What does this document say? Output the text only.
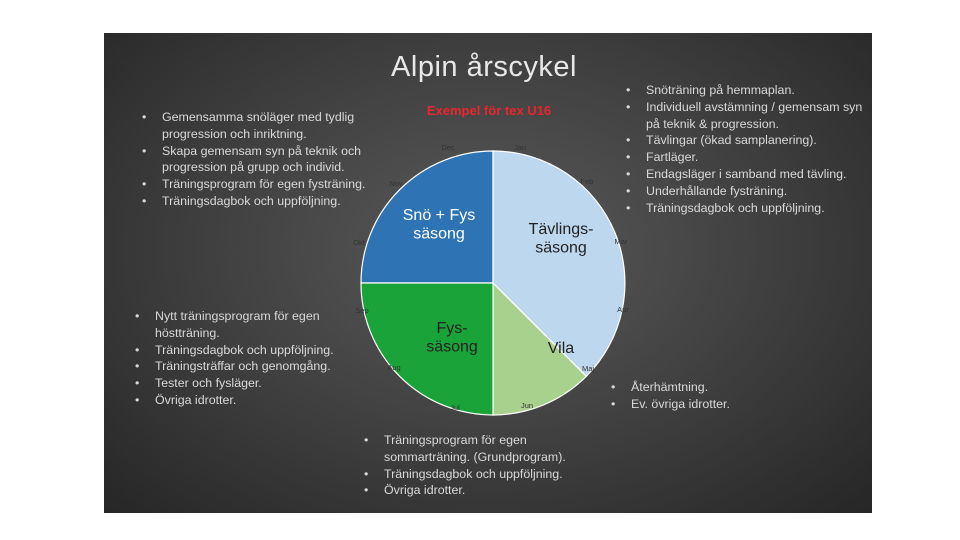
Alpin årscykel
Exempel för tex U16
Dec	Jan
Feb
Mar
Apr
Maj
Jun
Jul
Aug
Sep
Okt
Nov
Snö + Fys säsong	Tävlings-säsong
Vila
Fys-säsong
• Gemensamma snöläger med tydlig progression och inriktning.
• Skapa gemensam syn på teknik och progression på grupp och individ.
• Träningsprogram för egen fysträning.
• Träningsdagbok och uppföljning.
• Snöträning på hemmaplan.
• Individuell avstämning / gemensam syn på teknik & progression.
• Tävlingar (ökad samplanering).
• Fartläger.
• Endagsläger i samband med tävling.
• Underhållande fysträning.
• Träningsdagbok och uppföljning.
• Nytt träningsprogram för egen höstträning.
• Träningsdagbok och uppföljning.
• Träningsträffar och genomgång.
• Tester och fysläger.
• Övriga idrotter.
• Återhämtning.
• Ev. övriga idrotter.
• Träningsprogram för egen sommarträning. (Grundprogram).
• Träningsdagbok och uppföljning.
• Övriga idrotter.
